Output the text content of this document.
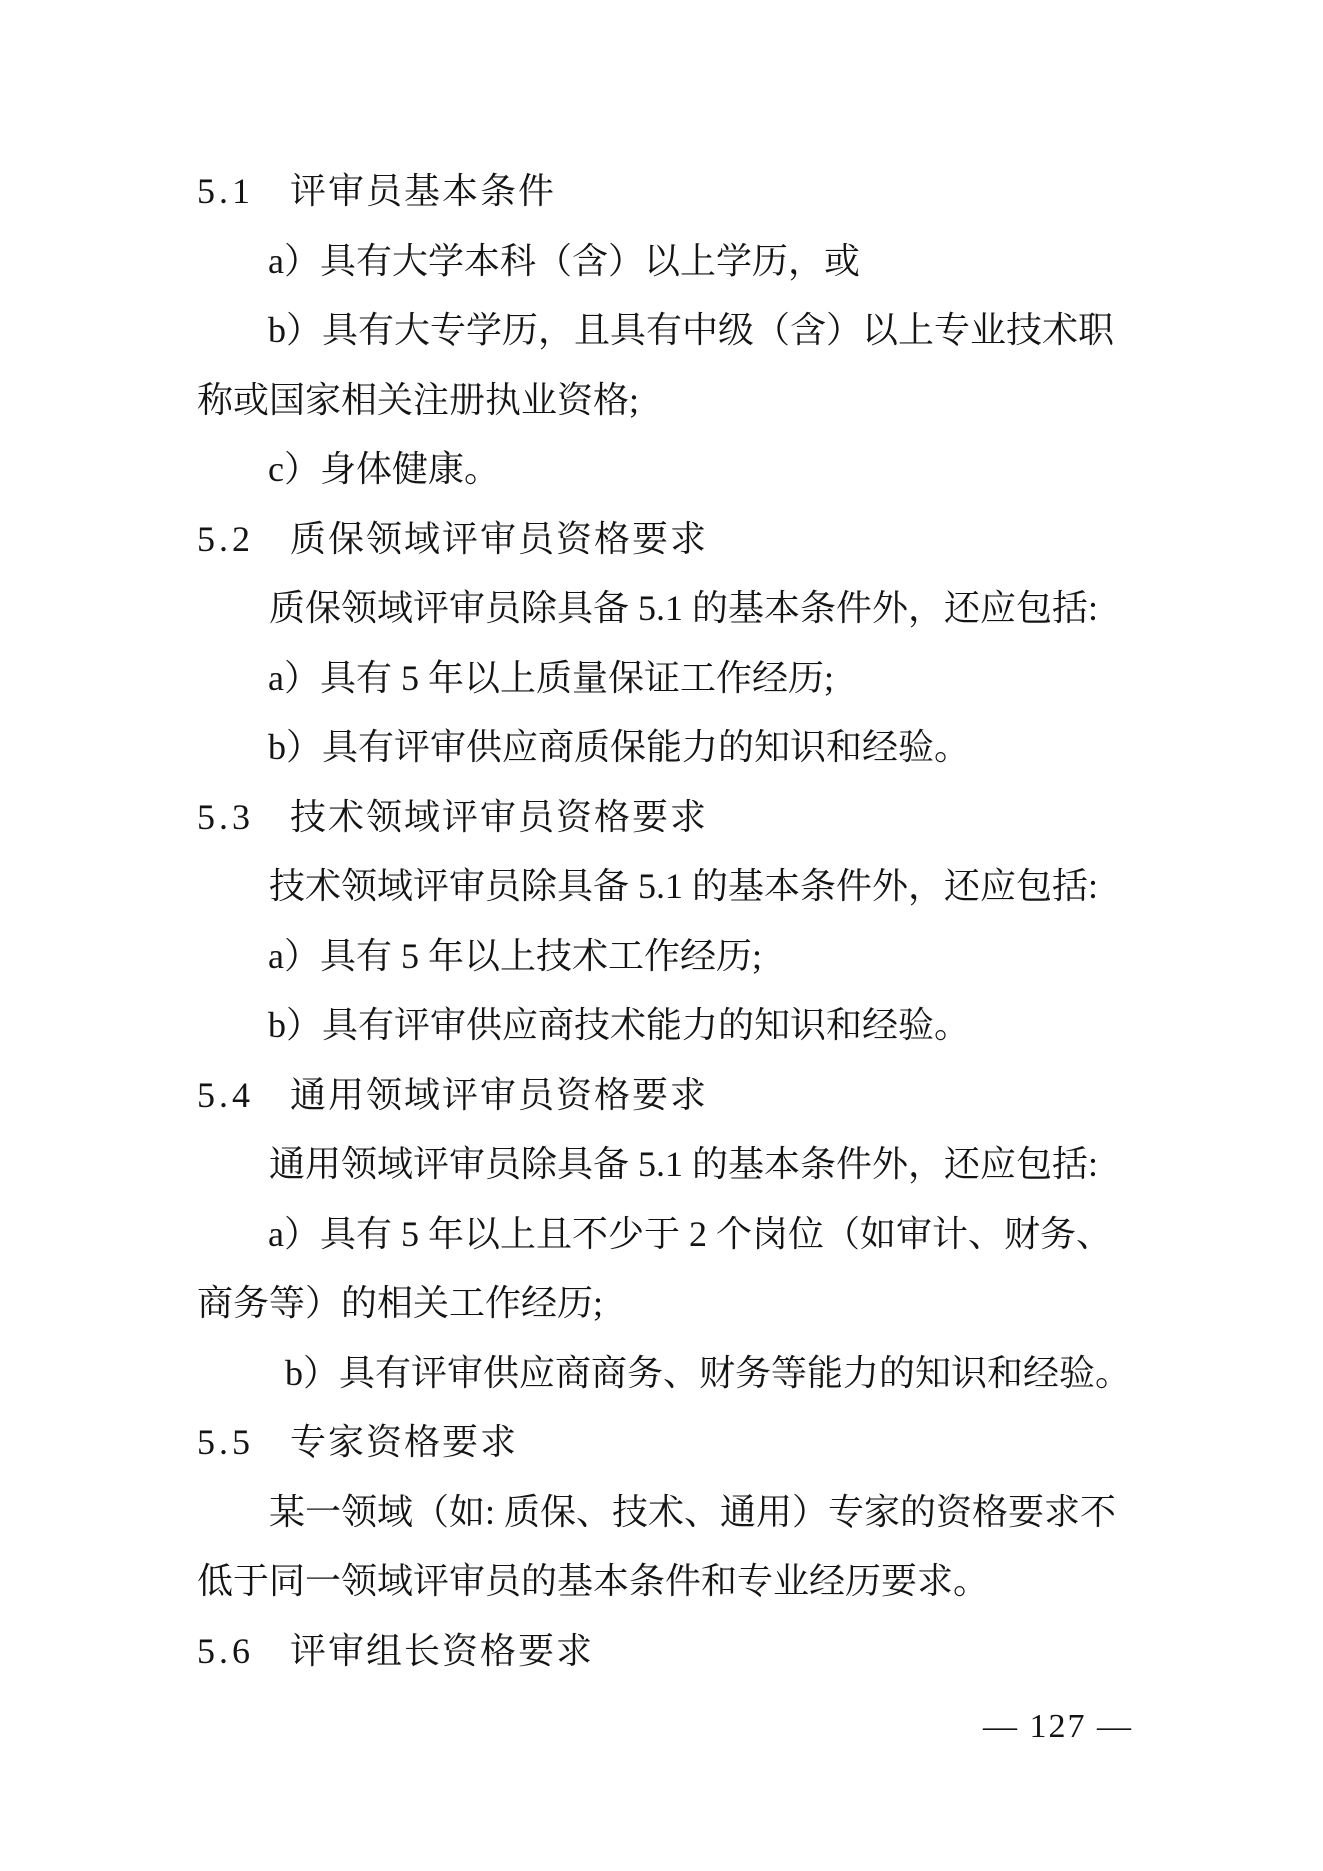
5.1	评审员基本条件
a）具有大学本科（含）以上学历，或
b）具有大专学历，且具有中级（含）以上专业技术职
称或国家相关注册执业资格;
c）身体健康。
5.2	质保领域评审员资格要求
质保领域评审员除具备 5.1 的基本条件外，还应包括:
a）具有 5 年以上质量保证工作经历;
b）具有评审供应商质保能力的知识和经验。
5.3	技术领域评审员资格要求
技术领域评审员除具备 5.1 的基本条件外，还应包括:
a）具有 5 年以上技术工作经历;
b）具有评审供应商技术能力的知识和经验。
5.4	通用领域评审员资格要求
通用领域评审员除具备 5.1 的基本条件外，还应包括:
a）具有 5 年以上且不少于 2 个岗位（如审计、财务、
商务等）的相关工作经历;
b）具有评审供应商商务、财务等能力的知识和经验。
5.5	专家资格要求
某一领域（如: 质保、技术、通用）专家的资格要求不
低于同一领域评审员的基本条件和专业经历要求。
5.6	评审组长资格要求
— 127 —
